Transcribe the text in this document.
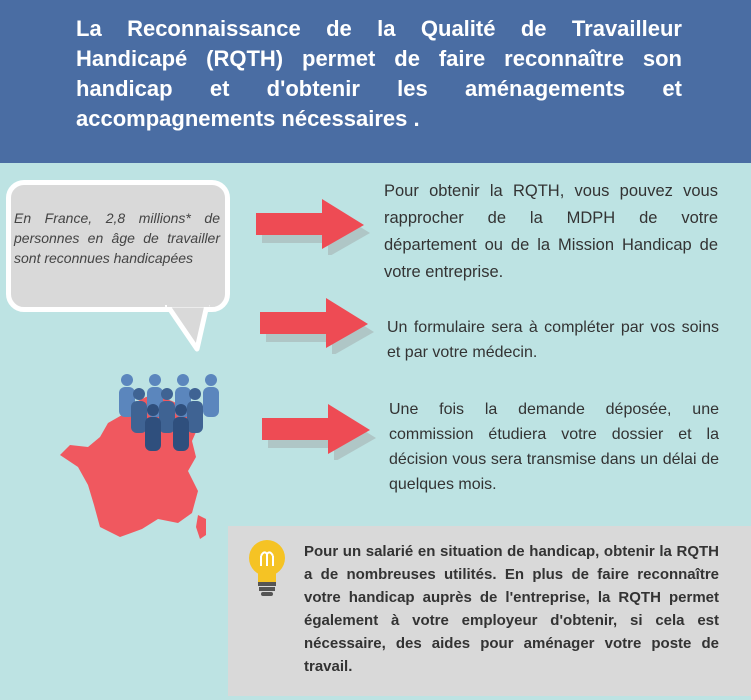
La Reconnaissance de la Qualité de Travailleur Handicapé (RQTH) permet de faire reconnaître son handicap et d'obtenir les aménagements et accompagnements nécessaires .

En France, 2,8 millions* de personnes en âge de travailler sont reconnues handicapées

Pour obtenir la RQTH, vous pouvez vous rapprocher de la MDPH de votre département ou de la Mission Handicap de votre entreprise.

Un formulaire sera à compléter par vos soins et par votre médecin.

Une fois la demande déposée, une commission étudiera votre dossier et la décision vous sera transmise dans un délai de quelques mois.

Pour un salarié en situation de handicap, obtenir la RQTH a de nombreuses utilités. En plus de faire reconnaître votre handicap auprès de l'entreprise, la RQTH permet également à votre employeur d'obtenir, si cela est nécessaire, des aides pour aménager votre poste de travail.
